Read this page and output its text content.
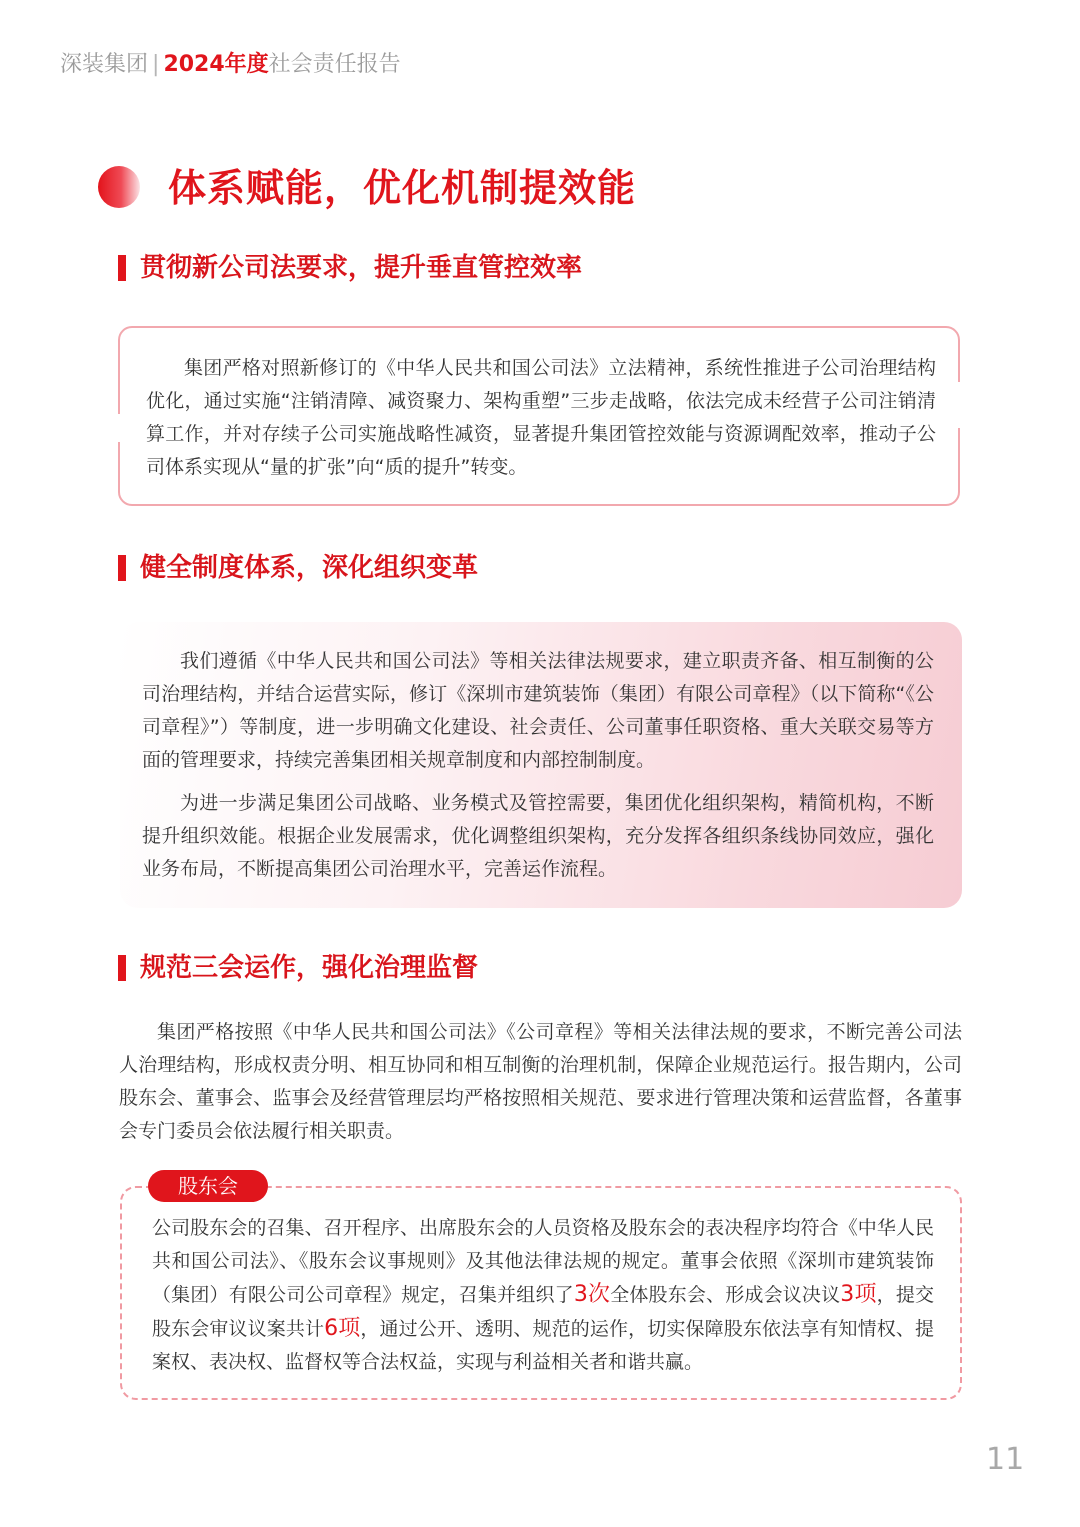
深装集团 | 2024年度社会责任报告
体系赋能，优化机制提效能
贯彻新公司法要求，提升垂直管控效率

集团严格对照新修订的《中华人民共和国公司法》立法精神，系统性推进子公司治理结构优化，通过实施“注销清障、减资聚力、架构重塑”三步走战略，依法完成未经营子公司注销清算工作，并对存续子公司实施战略性减资，显著提升集团管控效能与资源调配效率，推动子公司体系实现从“量的扩张”向“质的提升”转变。

健全制度体系，深化组织变革

我们遵循《中华人民共和国公司法》等相关法律法规要求，建立职责齐备、相互制衡的公司治理结构，并结合运营实际，修订《深圳市建筑装饰（集团）有限公司章程》（以下简称“《公司章程》”）等制度，进一步明确文化建设、社会责任、公司董事任职资格、重大关联交易等方面的管理要求，持续完善集团相关规章制度和内部控制制度。

为进一步满足集团公司战略、业务模式及管控需要，集团优化组织架构，精简机构，不断提升组织效能。根据企业发展需求，优化调整组织架构，充分发挥各组织条线协同效应，强化业务布局，不断提高集团公司治理水平，完善运作流程。

规范三会运作，强化治理监督

集团严格按照《中华人民共和国公司法》《公司章程》等相关法律法规的要求，不断完善公司法人治理结构，形成权责分明、相互协同和相互制衡的治理机制，保障企业规范运行。报告期内，公司股东会、董事会、监事会及经营管理层均严格按照相关规范、要求进行管理决策和运营监督，各董事会专门委员会依法履行相关职责。

股东会

公司股东会的召集、召开程序、出席股东会的人员资格及股东会的表决程序均符合《中华人民共和国公司法》、《股东会议事规则》及其他法律法规的规定。董事会依照《深圳市建筑装饰（集团）有限公司公司章程》规定，召集并组织了3次全体股东会、形成会议决议3项，提交股东会审议议案共计6项，通过公开、透明、规范的运作，切实保障股东依法享有知情权、提案权、表决权、监督权等合法权益，实现与利益相关者和谐共赢。

11
